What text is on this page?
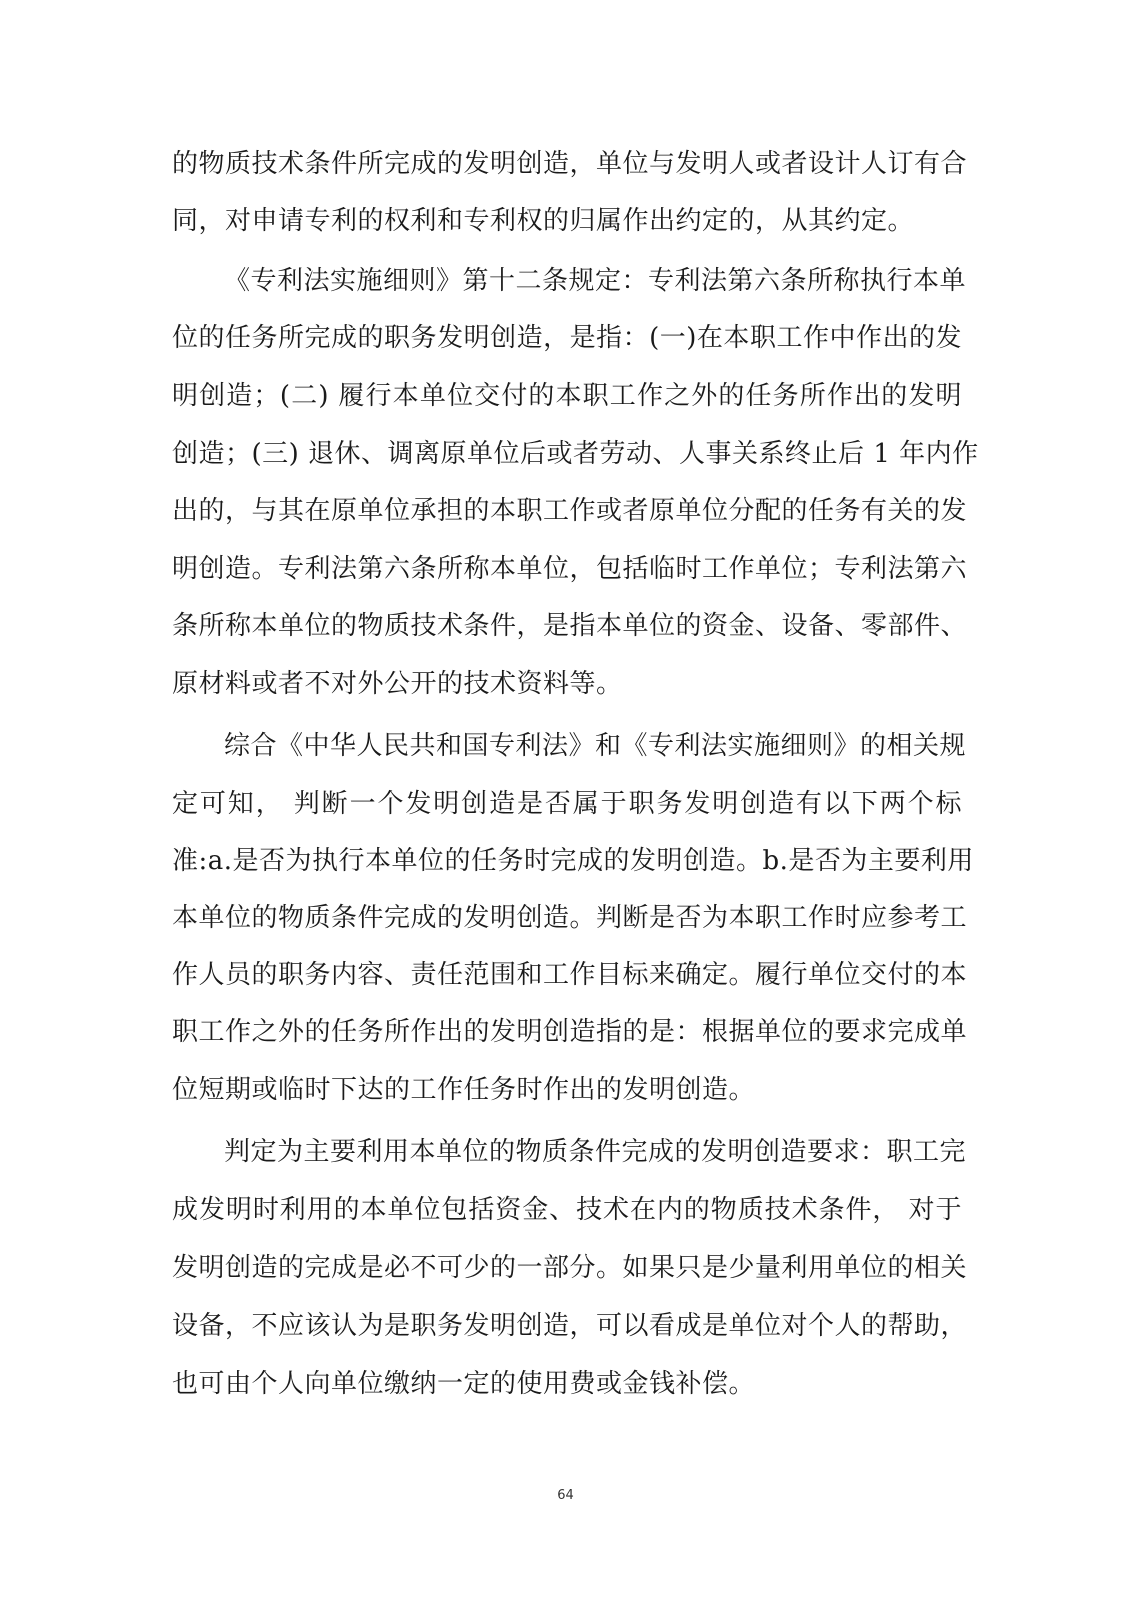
的物质技术条件所完成的发明创造，单位与发明人或者设计人订有合
同，对申请专利的权利和专利权的归属作出约定的，从其约定。
《专利法实施细则》第十二条规定：专利法第六条所称执行本单
位的任务所完成的职务发明创造，是指：(一)在本职工作中作出的发
明创造；(二) 履行本单位交付的本职工作之外的任务所作出的发明
创造；(三) 退休、调离原单位后或者劳动、人事关系终止后 1 年内作
出的，与其在原单位承担的本职工作或者原单位分配的任务有关的发
明创造。专利法第六条所称本单位，包括临时工作单位；专利法第六
条所称本单位的物质技术条件，是指本单位的资金、设备、零部件、
原材料或者不对外公开的技术资料等。
综合《中华人民共和国专利法》和《专利法实施细则》的相关规
定可知， 判断一个发明创造是否属于职务发明创造有以下两个标
准:a.是否为执行本单位的任务时完成的发明创造。b.是否为主要利用
本单位的物质条件完成的发明创造。判断是否为本职工作时应参考工
作人员的职务内容、责任范围和工作目标来确定。履行单位交付的本
职工作之外的任务所作出的发明创造指的是：根据单位的要求完成单
位短期或临时下达的工作任务时作出的发明创造。
判定为主要利用本单位的物质条件完成的发明创造要求：职工完
成发明时利用的本单位包括资金、技术在内的物质技术条件， 对于
发明创造的完成是必不可少的一部分。如果只是少量利用单位的相关
设备，不应该认为是职务发明创造，可以看成是单位对个人的帮助，
也可由个人向单位缴纳一定的使用费或金钱补偿。
64
